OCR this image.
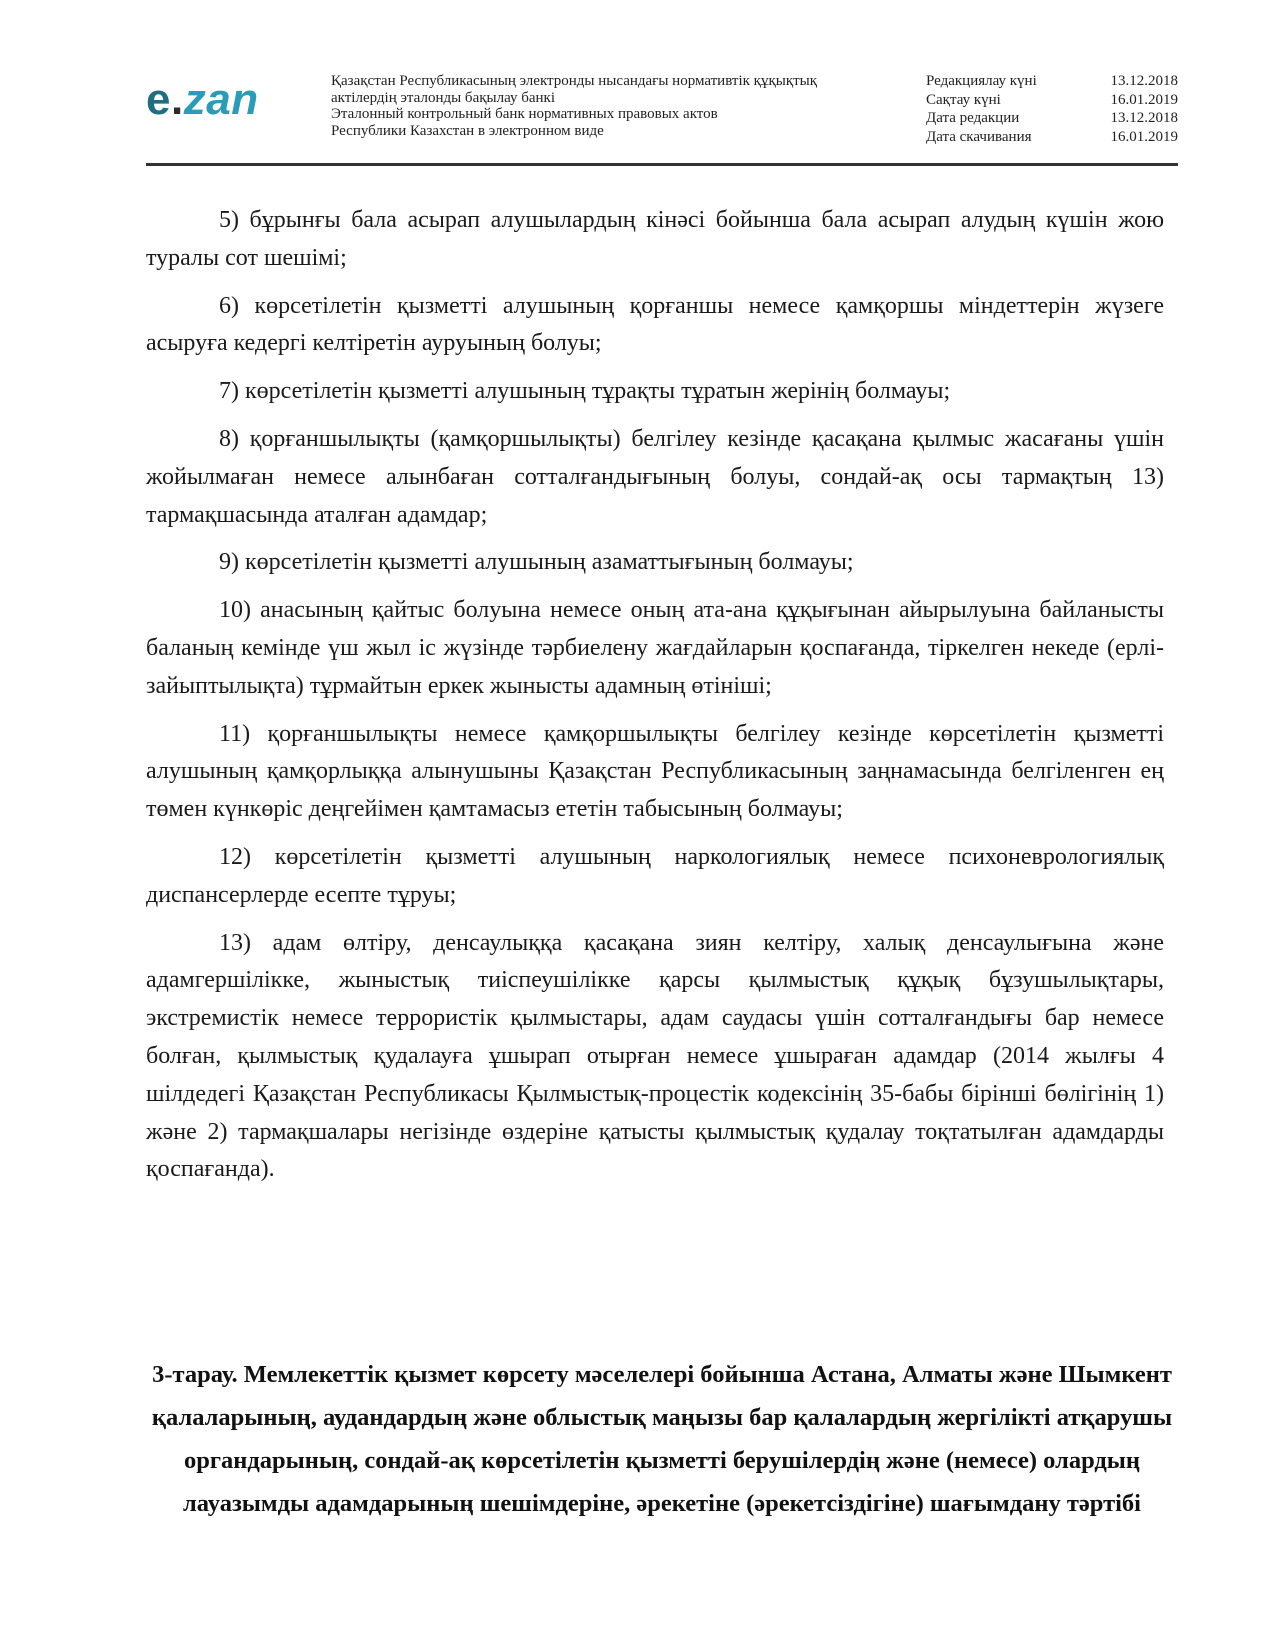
e.zan	Қазақстан Республикасының электронды нысандағы нормативтік құқықтық
актілердің эталонды бақылау банкі
Эталонный контрольный банк нормативных правовых актов
Республики Казахстан в электронном виде
Редакциялау күні	13.12.2018
Сақтау күні	16.01.2019
Дата редакции	13.12.2018
Дата скачивания	16.01.2019

5) бұрынғы бала асырап алушылардың кінәсі бойынша бала асырап алудың күшін жою туралы сот шешімі;

6) көрсетілетін қызметті алушының қорғаншы немесе қамқоршы міндеттерін жүзеге асыруға кедергі келтіретін ауруының болуы;

7) көрсетілетін қызметті алушының тұрақты тұратын жерінің болмауы;

8) қорғаншылықты (қамқоршылықты) белгілеу кезінде қасақана қылмыс жасағаны үшін жойылмаған немесе алынбаған сотталғандығының болуы, сондай-ақ осы тармақтың 13) тармақшасында аталған адамдар;

9) көрсетілетін қызметті алушының азаматтығының болмауы;

10) анасының қайтыс болуына немесе оның ата-ана құқығынан айырылуына байланысты баланың кемінде үш жыл іс жүзінде тәрбиелену жағдайларын қоспағанда, тіркелген некеде (ерлі-зайыптылықта) тұрмайтын еркек жынысты адамның өтініші;

11) қорғаншылықты немесе қамқоршылықты белгілеу кезінде көрсетілетін қызметті алушының қамқорлыққа алынушыны Қазақстан Республикасының заңнамасында белгіленген ең төмен күнкөріс деңгейімен қамтамасыз ететін табысының болмауы;

12) көрсетілетін қызметті алушының наркологиялық немесе психоневрологиялық диспансерлерде есепте тұруы;

13) адам өлтіру, денсаулыққа қасақана зиян келтіру, халық денсаулығына және адамгершілікке, жыныстық тиіспеушілікке қарсы қылмыстық құқық бұзушылықтары, экстремистік немесе террористік қылмыстары, адам саудасы үшін сотталғандығы бар немесе болған, қылмыстық қудалауға ұшырап отырған немесе ұшыраған адамдар (2014 жылғы 4 шілдедегі Қазақстан Республикасы Қылмыстық-процестік кодексінің 35-бабы бірінші бөлігінің 1) және 2) тармақшалары негізінде өздеріне қатысты қылмыстық қудалау тоқтатылған адамдарды қоспағанда).

3-тарау. Мемлекеттік қызмет көрсету мәселелері бойынша Астана, Алматы және Шымкент қалаларының, аудандардың және облыстық маңызы бар қалалардың жергілікті атқарушы органдарының, сондай-ақ көрсетілетін қызметті берушілердің және (немесе) олардың лауазымды адамдарының шешімдеріне, әрекетіне (әрекетсіздігіне) шағымдану тәртібі
